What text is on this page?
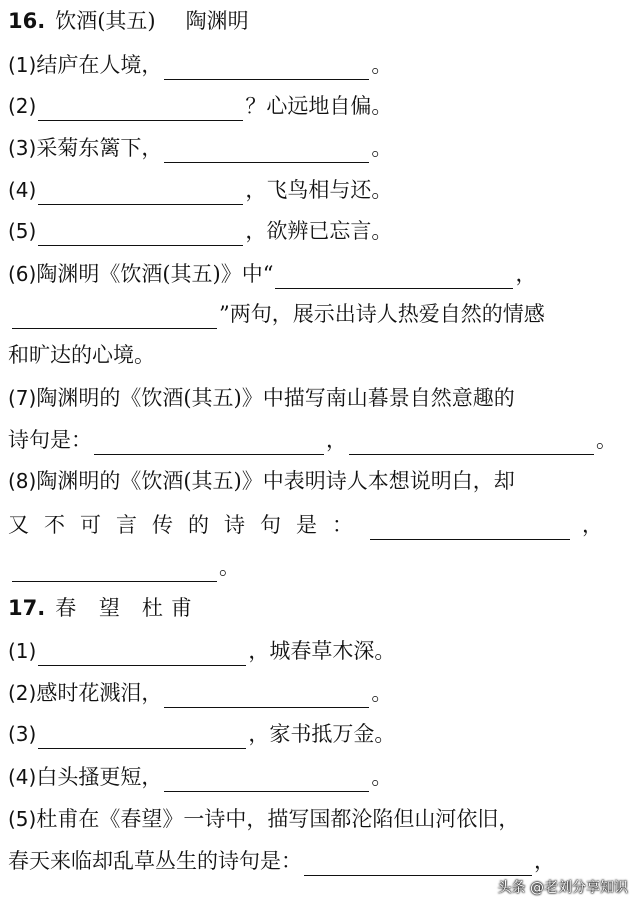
16. 饮酒(其五) 陶渊明
(1)结庐在人境，	。
(2)	？心远地自偏。
(3)采菊东篱下，	。
(4)	，飞鸟相与还。
(5)	，欲辨已忘言。
(6)陶渊明《饮酒(其五)》中“	，
”两句，展示出诗人热爱自然的情感
和旷达的心境。
(7)陶渊明的《饮酒(其五)》中描写南山暮景自然意趣的
诗句是：	，	。
(8)陶渊明的《饮酒(其五)》中表明诗人本想说明白，却
又不可言传的诗句是：	，
。
17. 春 望 杜甫
(1)	，城春草木深。
(2)感时花溅泪，	。
(3)	，家书抵万金。
(4)白头搔更短，	。
(5)杜甫在《春望》一诗中，描写国都沦陷但山河依旧，
春天来临却乱草丛生的诗句是：	，
头条 @老刘分享知识
